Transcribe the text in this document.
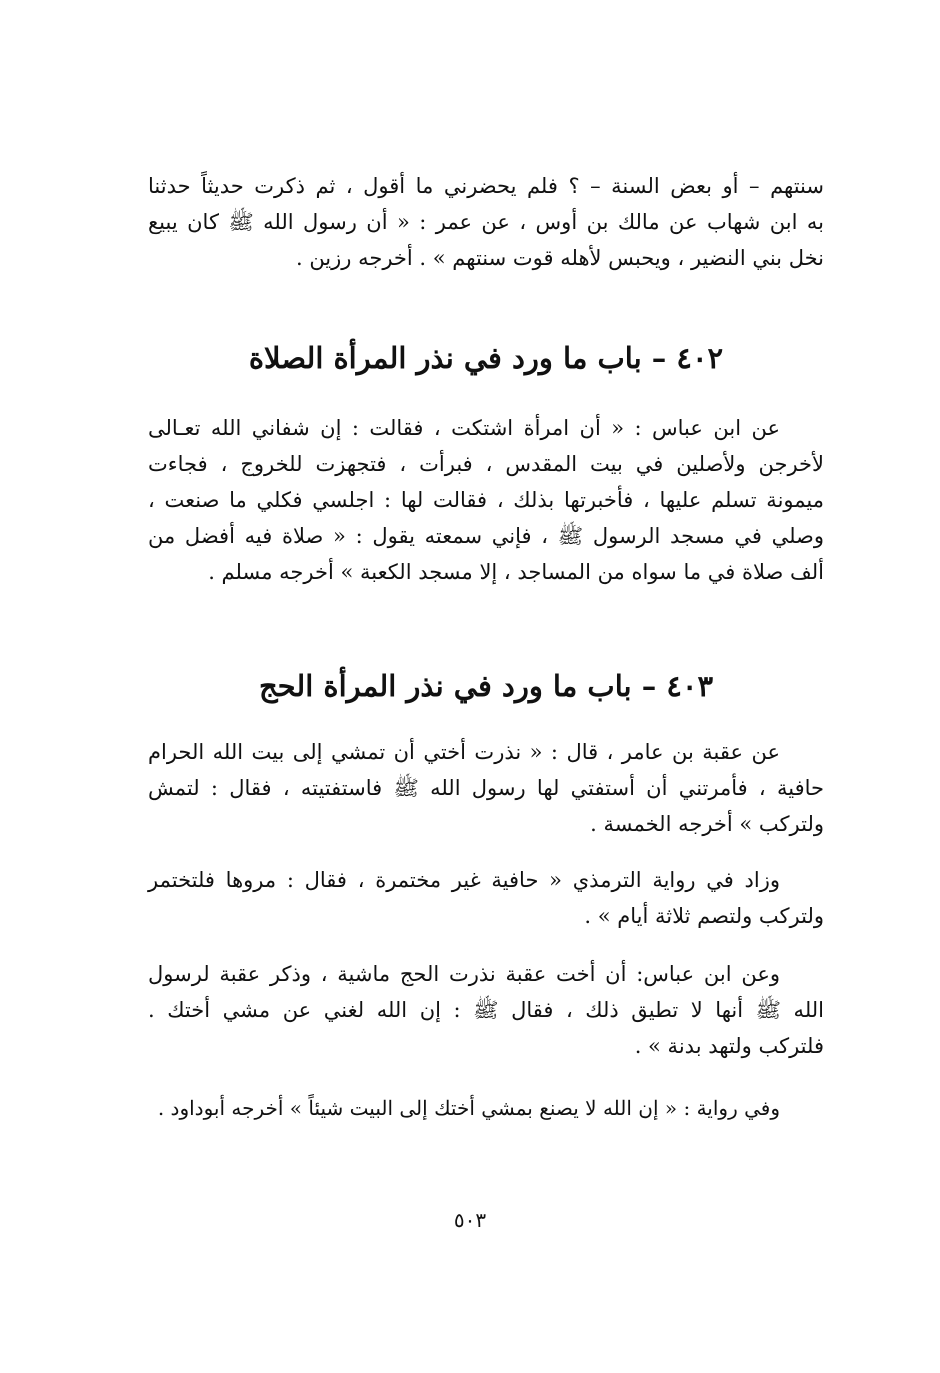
سنتهم – أو بعض السنة – ؟ فلم يحضرني ما أقول ، ثم ذكرت حديثاً حدثنا
به ابن شهاب عن مالك بن أوس ، عن عمر : « أن رسول الله ﷺ كان يبيع
نخل بني النضير ، ويحبس لأهله قوت سنتهم » . أخرجه رزين .
٤٠٢ – باب ما ورد في نذر المرأة الصلاة
عن ابن عباس : « أن امرأة اشتكت ، فقالت : إن شفاني الله تعـالى
لأخرجن ولأصلين في بيت المقدس ، فبرأت ، فتجهزت للخروج ، فجاءت
ميمونة تسلم عليها ، فأخبرتها بذلك ، فقالت لها : اجلسي فكلي ما صنعت ،
وصلي في مسجد الرسول ﷺ ، فإني سمعته يقول : « صلاة فيه أفضل من
ألف صلاة في ما سواه من المساجد ، إلا مسجد الكعبة » أخرجه مسلم .
٤٠٣ – باب ما ورد في نذر المرأة الحج
عن عقبة بن عامر ، قال : « نذرت أختي أن تمشي إلى بيت الله الحرام
حافية ، فأمرتني أن أستفتي لها رسول الله ﷺ فاستفتيته ، فقال : لتمش
ولتركب » أخرجه الخمسة .
وزاد في رواية الترمذي « حافية غير مختمرة ، فقال : مروها فلتختمر
ولتركب ولتصم ثلاثة أيام » .
وعن ابن عباس: أن أخت عقبة نذرت الحج ماشية ، وذكر عقبة لرسول
الله ﷺ أنها لا تطيق ذلك ، فقال ﷺ : إن الله لغني عن مشي أختك .
فلتركب ولتهد بدنة » .
وفي رواية : « إن الله لا يصنع بمشي أختك إلى البيت شيئاً » أخرجه أبوداود .
٥٠٣
